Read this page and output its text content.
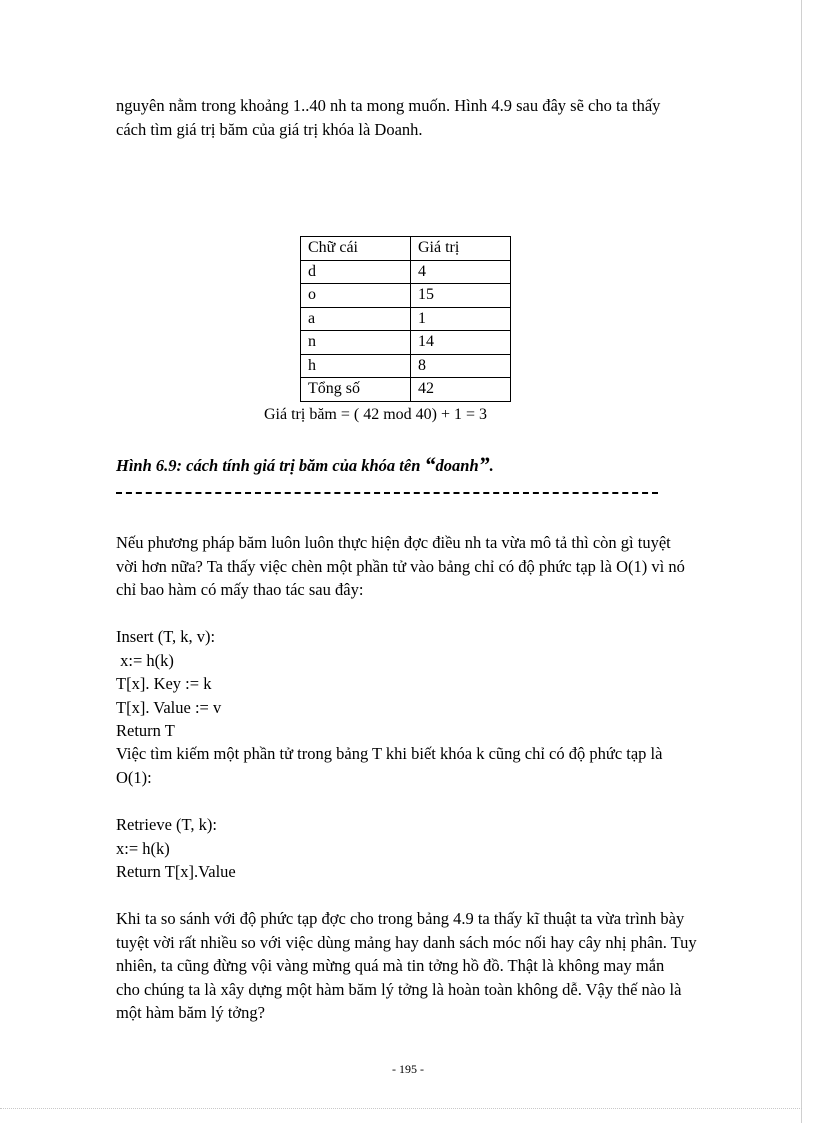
nguyên nằm trong khoảng 1..40 nh ta mong muốn. Hình 4.9 sau đây sẽ cho ta thấy
cách tìm giá trị băm của giá trị khóa là Doanh.
Chữ cái	Giá trị
d	4
o	15
a	1
n	14
h	8
Tổng số	42
Giá trị băm = ( 42 mod 40) + 1 = 3
Hình 6.9: cách tính giá trị băm của khóa tên “doanh”.
Nếu phương pháp băm luôn luôn thực hiện đợc điều nh ta vừa mô tả thì còn gì tuyệt
vời hơn nữa? Ta thấy việc chèn một phần tử vào bảng chỉ có độ phức tạp là O(1) vì nó
chỉ bao hàm có mấy thao tác sau đây:
Insert (T, k, v):
x:= h(k)
T[x]. Key := k
T[x]. Value := v
Return T
Việc tìm kiếm một phần tử trong bảng T khi biết khóa k cũng chỉ có độ phức tạp là
O(1):
Retrieve (T, k):
x:= h(k)
Return T[x].Value
Khi ta so sánh với độ phức tạp đợc cho trong bảng 4.9 ta thấy kĩ thuật ta vừa trình bày
tuyệt vời rất nhiều so với việc dùng mảng hay danh sách móc nối hay cây nhị phân. Tuy
nhiên, ta cũng đừng vội vàng mừng quá mà tin tởng hồ đồ. Thật là không may mắn
cho chúng ta là xây dựng một hàm băm lý tởng là hoàn toàn không dễ. Vậy thế nào là
một hàm băm lý tởng?
- 195 -
